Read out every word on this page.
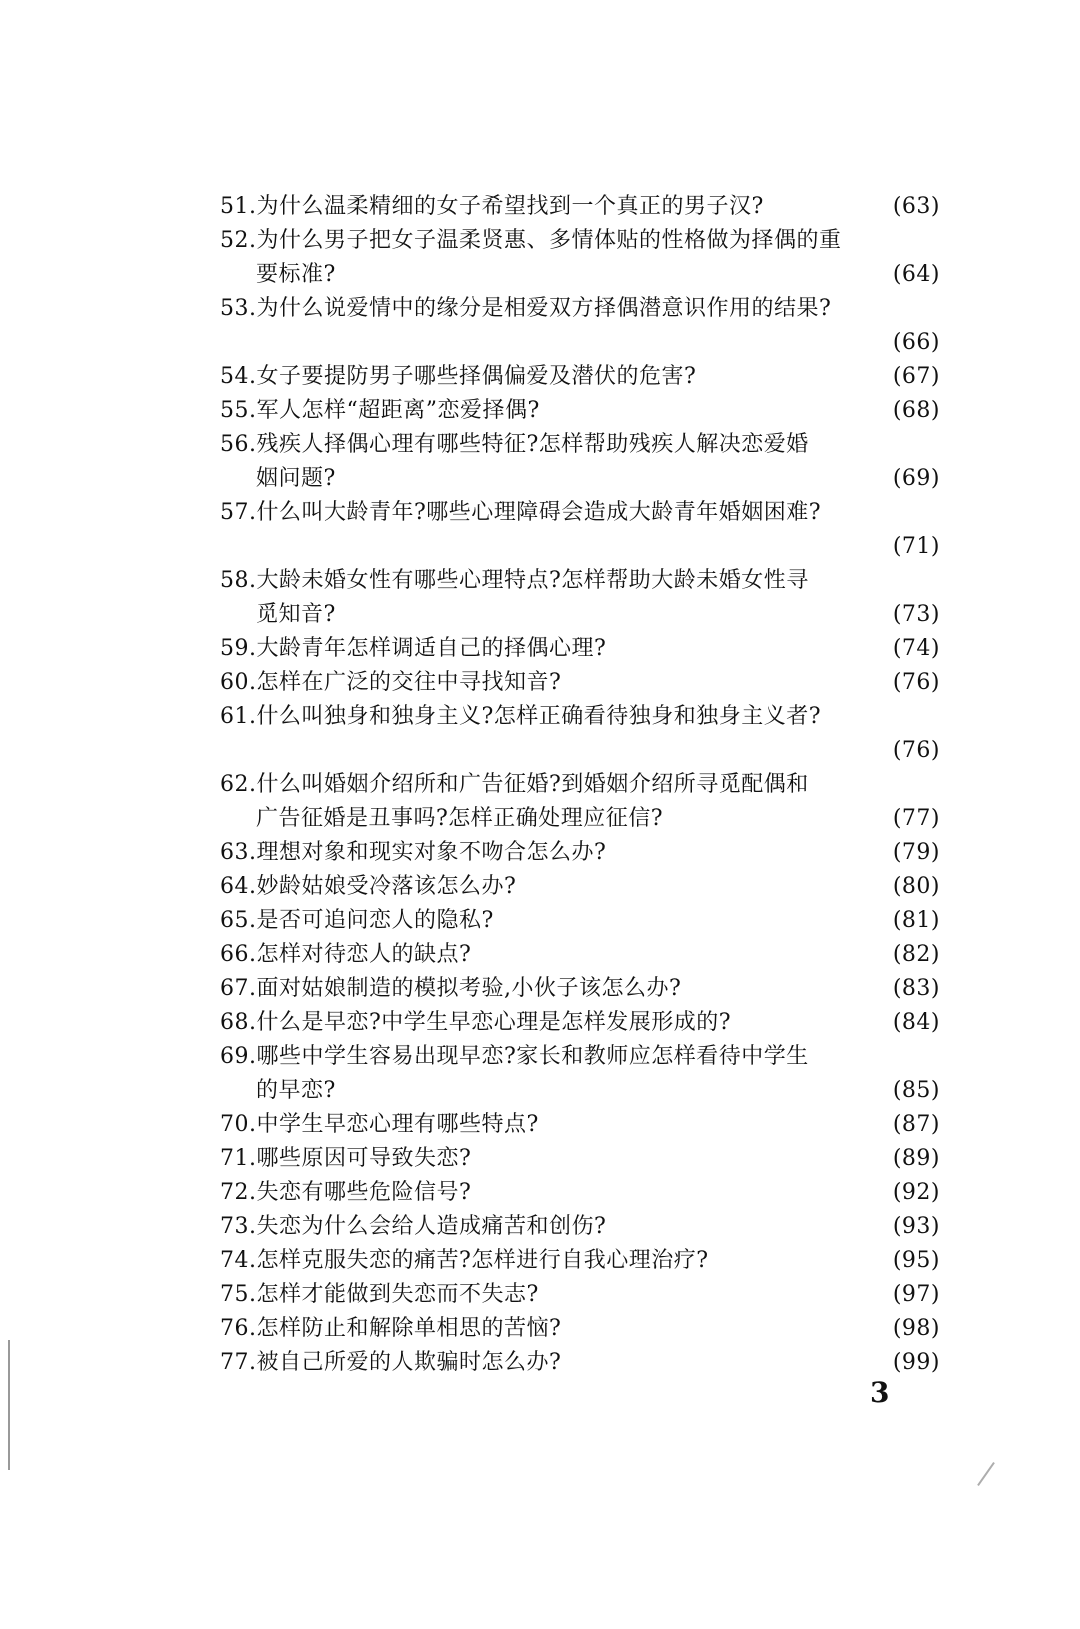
51.为什么温柔精细的女子希望找到一个真正的男子汉?	(63)
52.为什么男子把女子温柔贤惠、多情体贴的性格做为择偶的重
要标准?	(64)
53.为什么说爱情中的缘分是相爱双方择偶潜意识作用的结果?
(66)
54.女子要提防男子哪些择偶偏爱及潜伏的危害?	(67)
55.军人怎样“超距离”恋爱择偶?	(68)
56.残疾人择偶心理有哪些特征?怎样帮助残疾人解决恋爱婚
姻问题?	(69)
57.什么叫大龄青年?哪些心理障碍会造成大龄青年婚姻困难?
(71)
58.大龄未婚女性有哪些心理特点?怎样帮助大龄未婚女性寻
觅知音?	(73)
59.大龄青年怎样调适自己的择偶心理?	(74)
60.怎样在广泛的交往中寻找知音?	(76)
61.什么叫独身和独身主义?怎样正确看待独身和独身主义者?
(76)
62.什么叫婚姻介绍所和广告征婚?到婚姻介绍所寻觅配偶和
广告征婚是丑事吗?怎样正确处理应征信?	(77)
63.理想对象和现实对象不吻合怎么办?	(79)
64.妙龄姑娘受冷落该怎么办?	(80)
65.是否可追问恋人的隐私?	(81)
66.怎样对待恋人的缺点?	(82)
67.面对姑娘制造的模拟考验,小伙子该怎么办?	(83)
68.什么是早恋?中学生早恋心理是怎样发展形成的?	(84)
69.哪些中学生容易出现早恋?家长和教师应怎样看待中学生
的早恋?	(85)
70.中学生早恋心理有哪些特点?	(87)
71.哪些原因可导致失恋?	(89)
72.失恋有哪些危险信号?	(92)
73.失恋为什么会给人造成痛苦和创伤?	(93)
74.怎样克服失恋的痛苦?怎样进行自我心理治疗?	(95)
75.怎样才能做到失恋而不失志?	(97)
76.怎样防止和解除单相思的苦恼?	(98)
77.被自己所爱的人欺骗时怎么办?	(99)
3
